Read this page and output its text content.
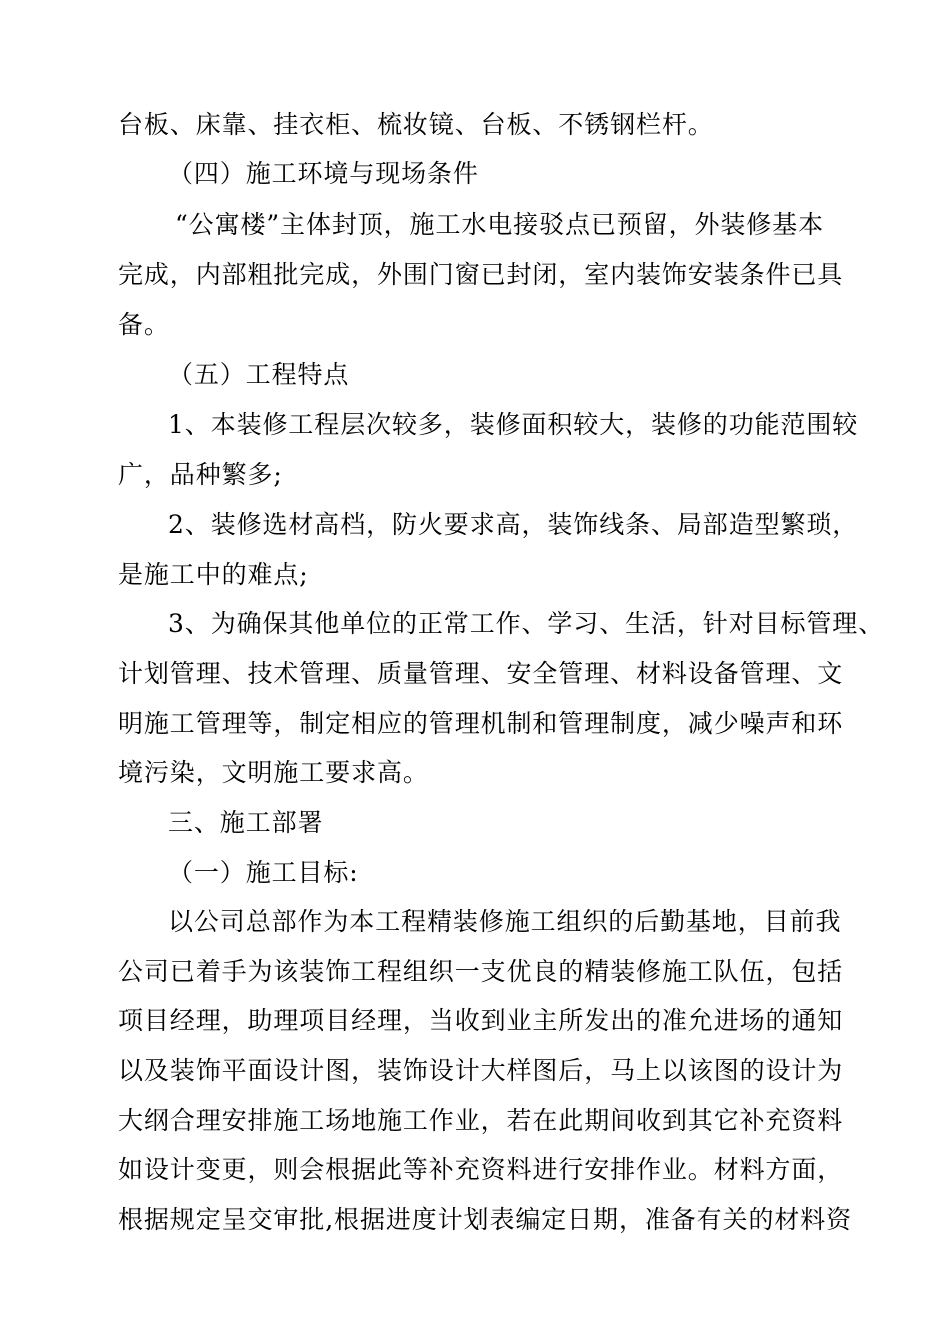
台板、床靠、挂衣柜、梳妆镜、台板、不锈钢栏杆。
（四）施工环境与现场条件
“公寓楼”主体封顶，施工水电接驳点已预留，外装修基本
完成，内部粗批完成，外围门窗已封闭，室内装饰安装条件已具
备。
（五）工程特点
1、本装修工程层次较多，装修面积较大，装修的功能范围较
广，品种繁多;
2、装修选材高档，防火要求高，装饰线条、局部造型繁琐，
是施工中的难点;
3、为确保其他单位的正常工作、学习、生活，针对目标管理、
计划管理、技术管理、质量管理、安全管理、材料设备管理、文
明施工管理等，制定相应的管理机制和管理制度，减少噪声和环
境污染，文明施工要求高。
三、施工部署
（一）施工目标:
以公司总部作为本工程精装修施工组织的后勤基地，目前我
公司已着手为该装饰工程组织一支优良的精装修施工队伍，包括
项目经理，助理项目经理，当收到业主所发出的准允进场的通知
以及装饰平面设计图，装饰设计大样图后，马上以该图的设计为
大纲合理安排施工场地施工作业，若在此期间收到其它补充资料
如设计变更，则会根据此等补充资料进行安排作业。材料方面，
根据规定呈交审批,根据进度计划表编定日期，准备有关的材料资
